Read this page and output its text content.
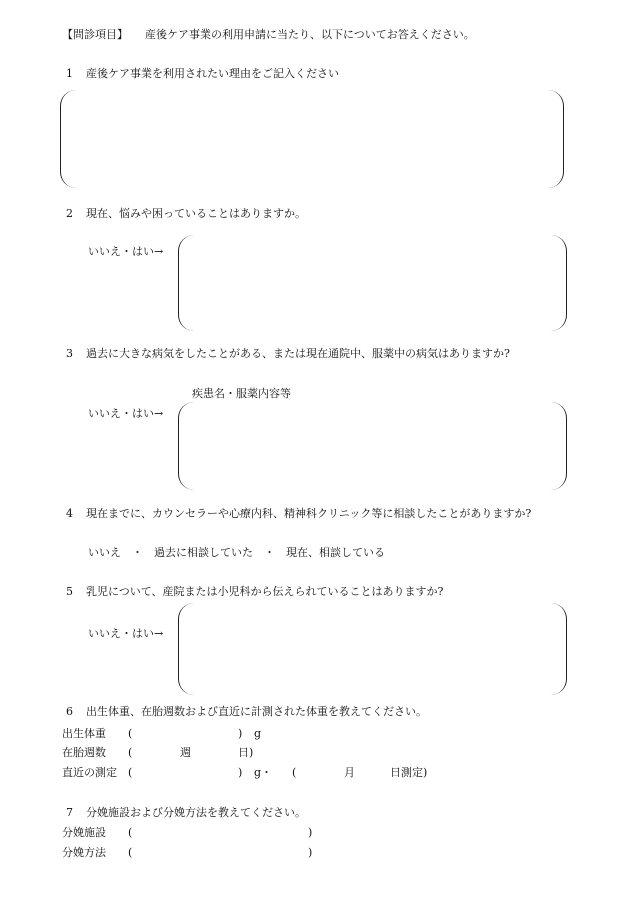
【問診項目】 産後ケア事業の利用申請に当たり、以下についてお答えください。
1 産後ケア事業を利用されたい理由をご記入ください
2 現在、悩みや困っていることはありますか。
いいえ・はい→
3 過去に大きな病気をしたことがある、または現在通院中、服薬中の病気はありますか?
疾患名・服薬内容等
いいえ・はい→
4 現在までに、カウンセラーや心療内科、精神科クリニック等に相談したことがありますか?
いいえ　・　過去に相談していた　・　現在、相談している
5 乳児について、産院または小児科から伝えられていることはありますか?
いいえ・はい→
6 出生体重、在胎週数および直近に計測された体重を教えてください。
出生体重 (	) g
在胎週数 (	週	日)
直近の測定 (	) g・ (	月	日測定)
7 分娩施設および分娩方法を教えてください。
分娩施設 (	)
分娩方法 (	)
